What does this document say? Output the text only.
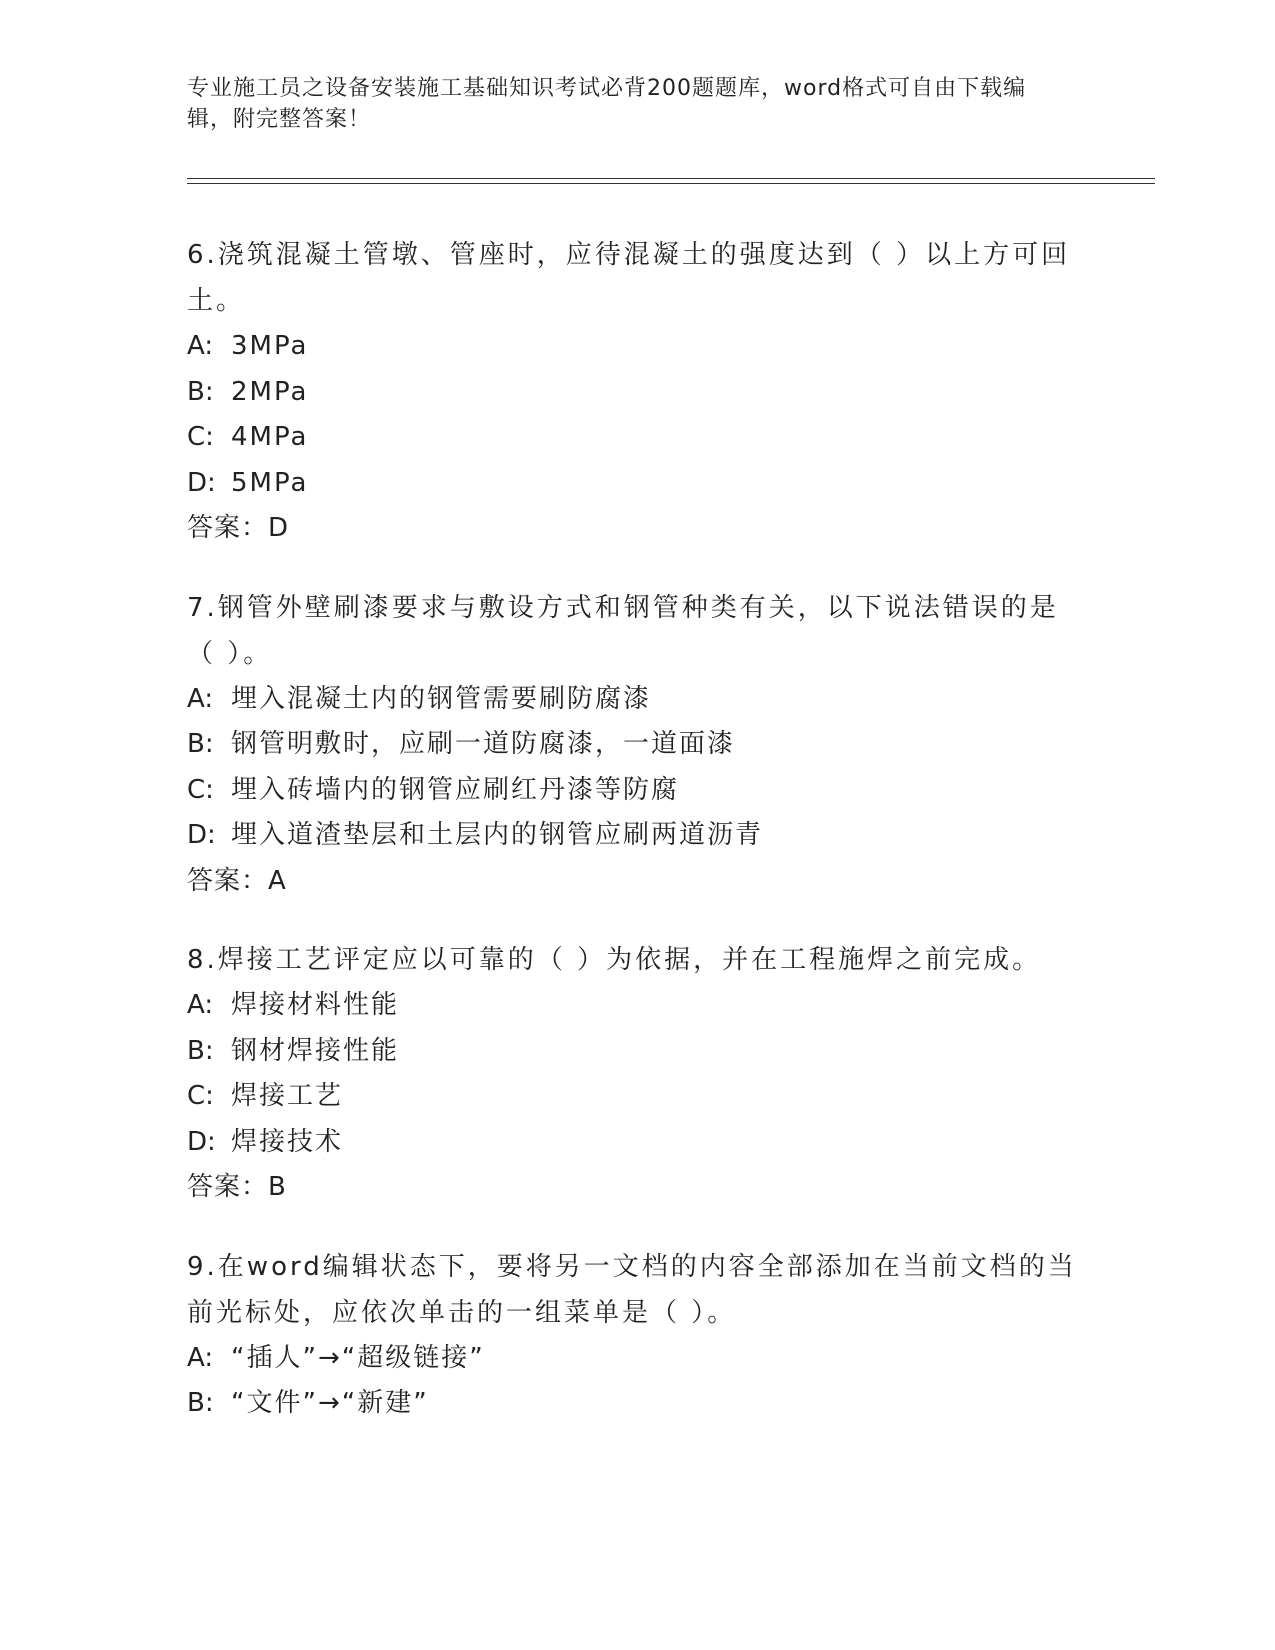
专业施工员之设备安装施工基础知识考试必背200题题库，word格式可自由下载编辑，附完整答案！
6.浇筑混凝土管墩、管座时，应待混凝土的强度达到（ ）以上方可回土。
A: 3MPa
B: 2MPa
C: 4MPa
D: 5MPa
答案：D
7.钢管外壁刷漆要求与敷设方式和钢管种类有关，以下说法错误的是（ ）。
A: 埋入混凝土内的钢管需要刷防腐漆
B: 钢管明敷时，应刷一道防腐漆，一道面漆
C: 埋入砖墙内的钢管应刷红丹漆等防腐
D: 埋入道渣垫层和土层内的钢管应刷两道沥青
答案：A
8.焊接工艺评定应以可靠的（ ）为依据，并在工程施焊之前完成。
A: 焊接材料性能
B: 钢材焊接性能
C: 焊接工艺
D: 焊接技术
答案：B
9.在word编辑状态下，要将另一文档的内容全部添加在当前文档的当前光标处，应依次单击的一组菜单是（ ）。
A: “插人”→“超级链接”
B: “文件”→“新建”
